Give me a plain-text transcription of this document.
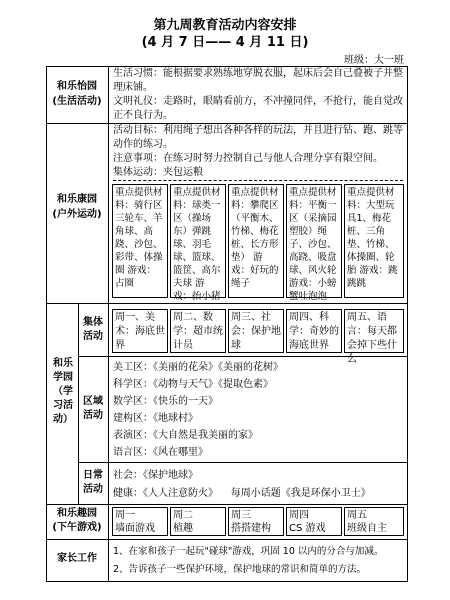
第九周教育活动内容安排
(4 月 7 日—— 4 月 11 日)
班级：大一班
和乐怡园
(生活活动)
生活习惯：能根据要求熟练地穿脱衣服，起床后会自己叠被子并整理床铺。
文明礼仪：走路时，眼睛看前方，不冲撞同伴，不抢行，能自觉改正不良行为。
和乐康园
(户外运动)
活动目标：利用绳子想出各种各样的玩法，并且进行钻、跑、跳等动作的练习。
注意事项：在练习时努力控制自己与他人合理分享有限空间。
集体运动：夹包运粮
重点提供材料：骑行区三轮车、羊角球、高跷、沙包、彩带、体操圈 游戏：占圈
重点提供材料：球类一区（操场东）弹跳球、羽毛球、篮球、篮筐、高尔夫球 游戏：抬小猪
重点提供材料：攀爬区（平衡木、竹梯、梅花桩、长方形垫） 游戏：好玩的绳子
重点提供材料：平衡一区（采摘园塑胶）绳子、沙包、高跷、吸盘球、风火轮 游戏：小螃蟹吐泡泡
重点提供材料：大型玩具1、梅花桩、三角垫、竹梯、体操圈、轮胎 游戏：跳跳跳
和乐学园（学习活动）
集体活动
区域活动
日常活动
周一、美术：海底世界
周二、数学：超市统计员
周三、社会：保护地球
周四、科学：奇妙的海底世界
周五、语言：每天都会掉下些什么
美工区：《美丽的花朵》《美丽的花树》
科学区：《动物与天气》《提取色素》
数学区：《快乐的一天》
建构区：《地球村》
表演区：《大自然是我美丽的家》
语言区：《风在哪里》
社会：《保护地球》
健康：《人人注意防火》    每周小话题《我是环保小卫士》
和乐趣园
(下午游戏)
周一
墙面游戏
周二
植趣
周三
搭搭建构
周四
CS 游戏
周五
班级自主
家长工作
1、在家和孩子一起玩"碰球"游戏，巩固 10 以内的分合与加减。
2、告诉孩子一些保护环境，保护地球的常识和简单的方法。
